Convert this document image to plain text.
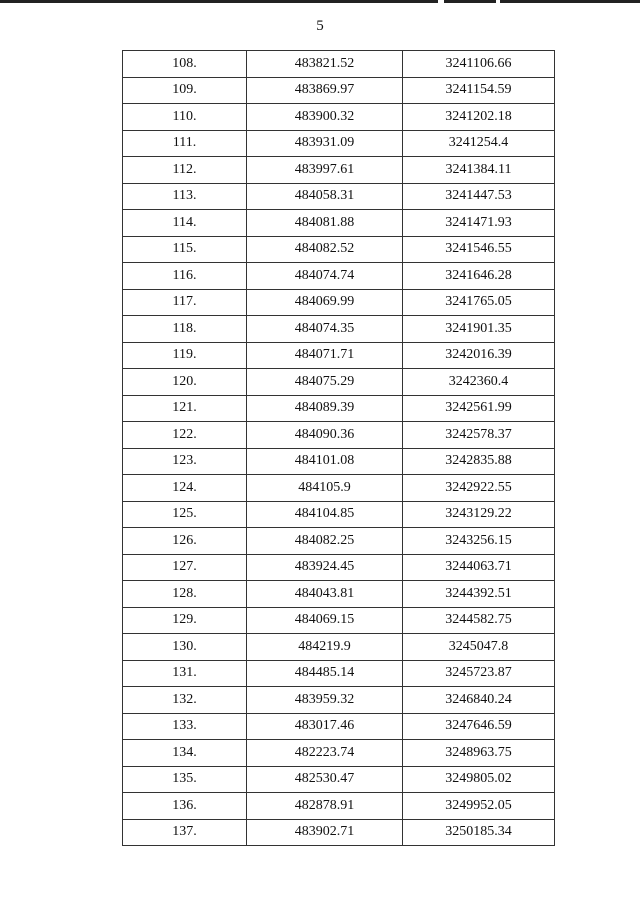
5
108.	483821.52	3241106.66
109.	483869.97	3241154.59
110.	483900.32	3241202.18
111.	483931.09	3241254.4
112.	483997.61	3241384.11
113.	484058.31	3241447.53
114.	484081.88	3241471.93
115.	484082.52	3241546.55
116.	484074.74	3241646.28
117.	484069.99	3241765.05
118.	484074.35	3241901.35
119.	484071.71	3242016.39
120.	484075.29	3242360.4
121.	484089.39	3242561.99
122.	484090.36	3242578.37
123.	484101.08	3242835.88
124.	484105.9	3242922.55
125.	484104.85	3243129.22
126.	484082.25	3243256.15
127.	483924.45	3244063.71
128.	484043.81	3244392.51
129.	484069.15	3244582.75
130.	484219.9	3245047.8
131.	484485.14	3245723.87
132.	483959.32	3246840.24
133.	483017.46	3247646.59
134.	482223.74	3248963.75
135.	482530.47	3249805.02
136.	482878.91	3249952.05
137.	483902.71	3250185.34
